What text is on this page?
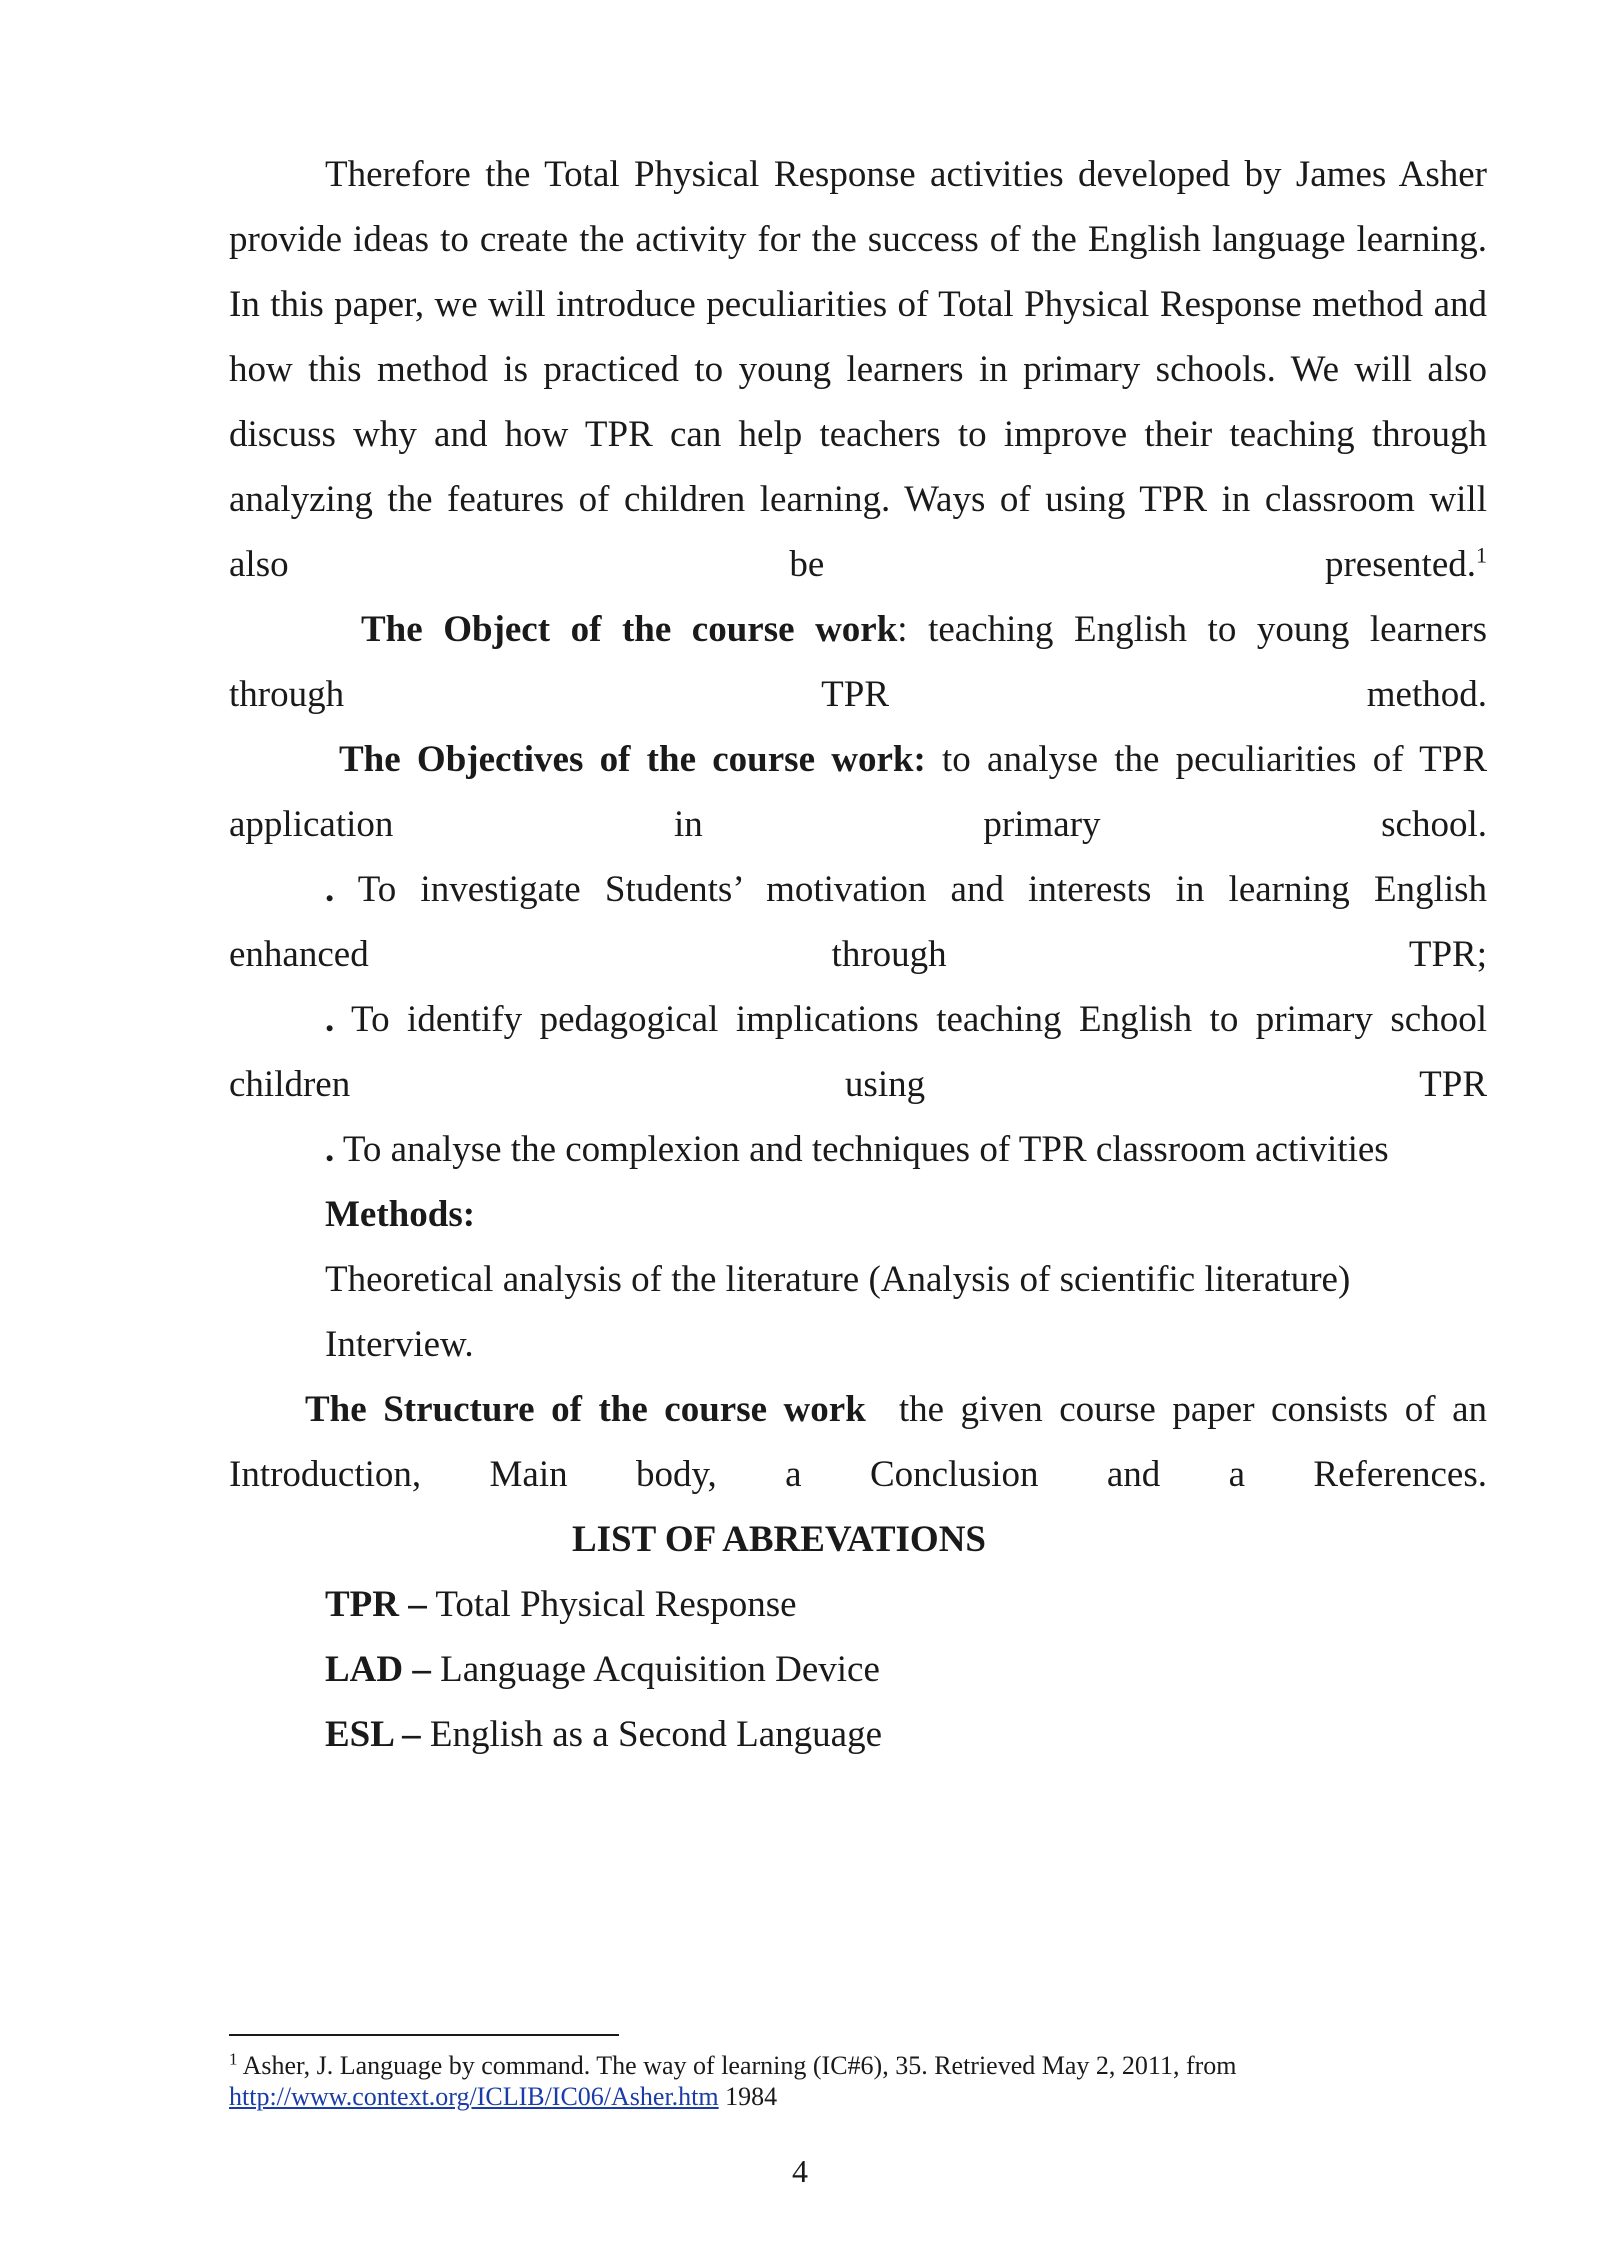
Therefore the Total Physical Response activities developed by James Asher provide ideas to create the activity for the success of the English language learning. In this paper, we will introduce peculiarities of Total Physical Response method and how this method is practiced to young learners in primary schools. We will also discuss why and how TPR can help teachers to improve their teaching through analyzing the features of children learning. Ways of using TPR in classroom will also be presented.$^1$
The Object of the course work: teaching English to young learners through TPR method.
The Objectives of the course work: to analyse the peculiarities of TPR application in primary school.
. To investigate Students’ motivation and interests in learning English enhanced through TPR;
. To identify pedagogical implications teaching English to primary school children using TPR
. To analyse the complexion and techniques of TPR classroom activities
Methods:
Theoretical analysis of the literature (Analysis of scientific literature)
Interview.
The Structure of the course work  the given course paper consists of an Introduction, Main body, a Conclusion and a References.
LIST OF ABREVATIONS
TPR – Total Physical Response
LAD – Language Acquisition Device
ESL – English as a Second Language
$^1$ Asher, J. Language by command. The way of learning (IC#6), 35. Retrieved May 2, 2011, from
http://www.context.org/ICLIB/IC06/Asher.htm 1984
4
